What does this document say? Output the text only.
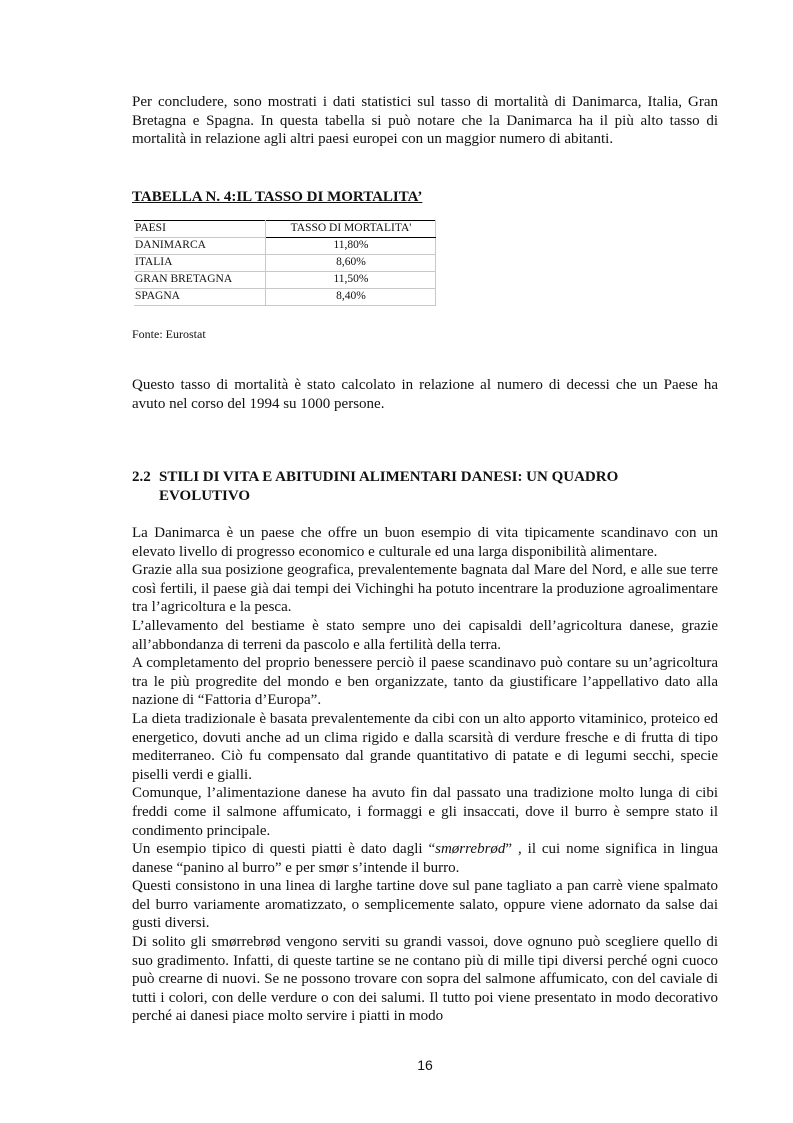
Per concludere, sono mostrati i dati statistici sul tasso di mortalità di Danimarca, Italia, Gran Bretagna e Spagna. In questa tabella si può notare che la Danimarca ha il più alto tasso di mortalità in relazione agli altri paesi europei con un maggior numero di abitanti.

TABELLA N. 4:IL TASSO DI MORTALITA’
PAESI	TASSO DI MORTALITA'
DANIMARCA	11,80%
ITALIA	8,60%
GRAN BRETAGNA	11,50%
SPAGNA	8,40%
Fonte: Eurostat

Questo tasso di mortalità è stato calcolato in relazione al numero di decessi che un Paese ha avuto nel corso del 1994 su 1000 persone.

2.2 STILI DI VITA E ABITUDINI ALIMENTARI DANESI: UN QUADRO
EVOLUTIVO

La Danimarca è un paese che offre un buon esempio di vita tipicamente scandinavo con un elevato livello di progresso economico e culturale ed una larga disponibilità alimentare.

Grazie alla sua posizione geografica, prevalentemente bagnata dal Mare del Nord, e alle sue terre così fertili, il paese già dai tempi dei Vichinghi ha potuto incentrare la produzione agroalimentare tra l’agricoltura e la pesca.

L’allevamento del bestiame è stato sempre uno dei capisaldi dell’agricoltura danese, grazie all’abbondanza di terreni da pascolo e alla fertilità della terra.

A completamento del proprio benessere perciò il paese scandinavo può contare su un’agricoltura tra le più progredite del mondo e ben organizzate, tanto da giustificare l’appellativo dato alla nazione di “Fattoria d’Europa”.

La dieta tradizionale è basata prevalentemente da cibi con un alto apporto vitaminico, proteico ed energetico, dovuti anche ad un clima rigido e dalla scarsità di verdure fresche e di frutta di tipo mediterraneo. Ciò fu compensato dal grande quantitativo di patate e di legumi secchi, specie piselli verdi e gialli.

Comunque, l’alimentazione danese ha avuto fin dal passato una tradizione molto lunga di cibi freddi come il salmone affumicato, i formaggi e gli insaccati, dove il burro è sempre stato il condimento principale.

Un esempio tipico di questi piatti è dato dagli “smørrebrød” , il cui nome significa in lingua danese “panino al burro” e per smør s’intende il burro.

Questi consistono in una linea di larghe tartine dove sul pane tagliato a pan carrè viene spalmato del burro variamente aromatizzato, o semplicemente salato, oppure viene adornato da salse dai gusti diversi.

Di solito gli smørrebrød vengono serviti su grandi vassoi, dove ognuno può scegliere quello di suo gradimento. Infatti, di queste tartine se ne contano più di mille tipi diversi perché ogni cuoco può crearne di nuovi. Se ne possono trovare con sopra del salmone affumicato, con del caviale di tutti i colori, con delle verdure o con dei salumi. Il tutto poi viene presentato in modo decorativo perché ai danesi piace molto servire i piatti in modo

16
